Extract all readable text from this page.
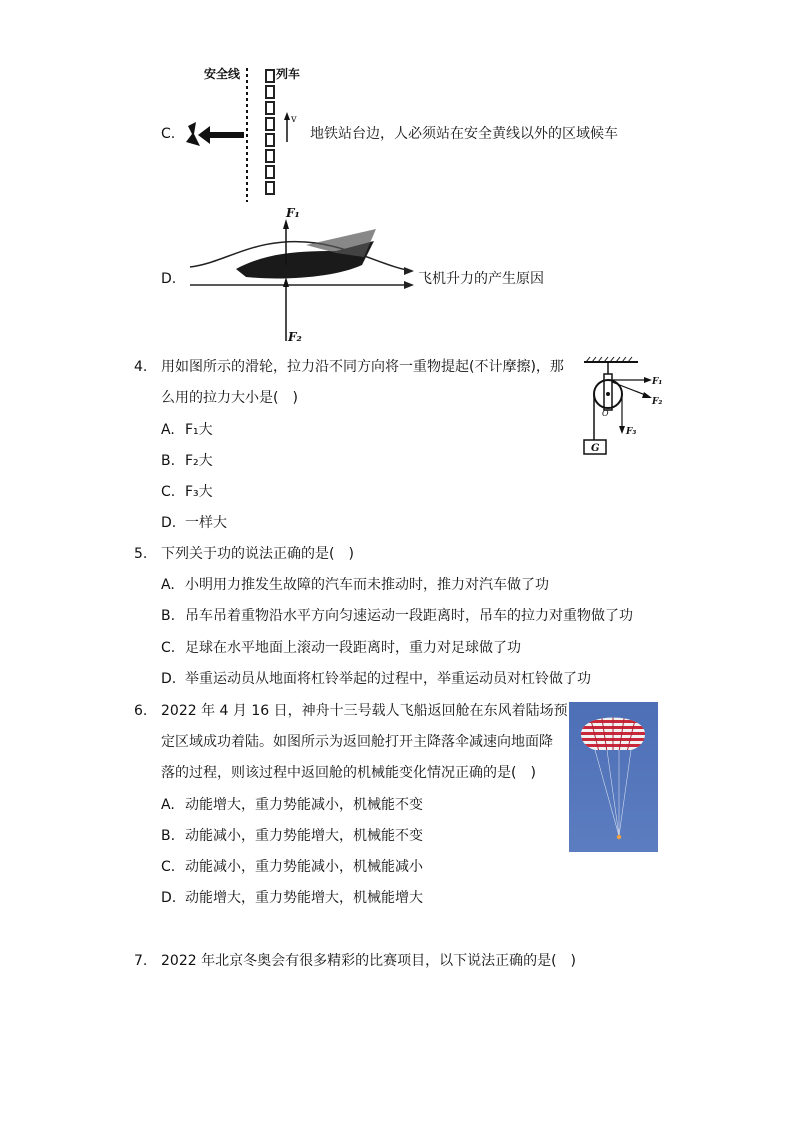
C.
安全线	列车
v
地铁站台边，人必须站在安全黄线以外的区域候车
D.
F₁
F₂
飞机升力的产生原因
4. 用如图所示的滑轮，拉力沿不同方向将一重物提起(不计摩擦)，那
么用的拉力大小是(　)
A. F₁大
B. F₂大
C. F₃大
D. 一样大
O
G
F₁
F₂
F₃
5. 下列关于功的说法正确的是(　)
A. 小明用力推发生故障的汽车而未推动时，推力对汽车做了功
B. 吊车吊着重物沿水平方向匀速运动一段距离时，吊车的拉力对重物做了功
C. 足球在水平地面上滚动一段距离时，重力对足球做了功
D. 举重运动员从地面将杠铃举起的过程中，举重运动员对杠铃做了功
6. 2022 年 4 月 16 日，神舟十三号载人飞船返回舱在东风着陆场预
定区域成功着陆。如图所示为返回舱打开主降落伞减速向地面降
落的过程，则该过程中返回舱的机械能变化情况正确的是(　)
A. 动能增大，重力势能减小，机械能不变
B. 动能减小，重力势能增大，机械能不变
C. 动能减小，重力势能减小，机械能减小
D. 动能增大，重力势能增大，机械能增大
7. 2022 年北京冬奥会有很多精彩的比赛项目，以下说法正确的是(　)
